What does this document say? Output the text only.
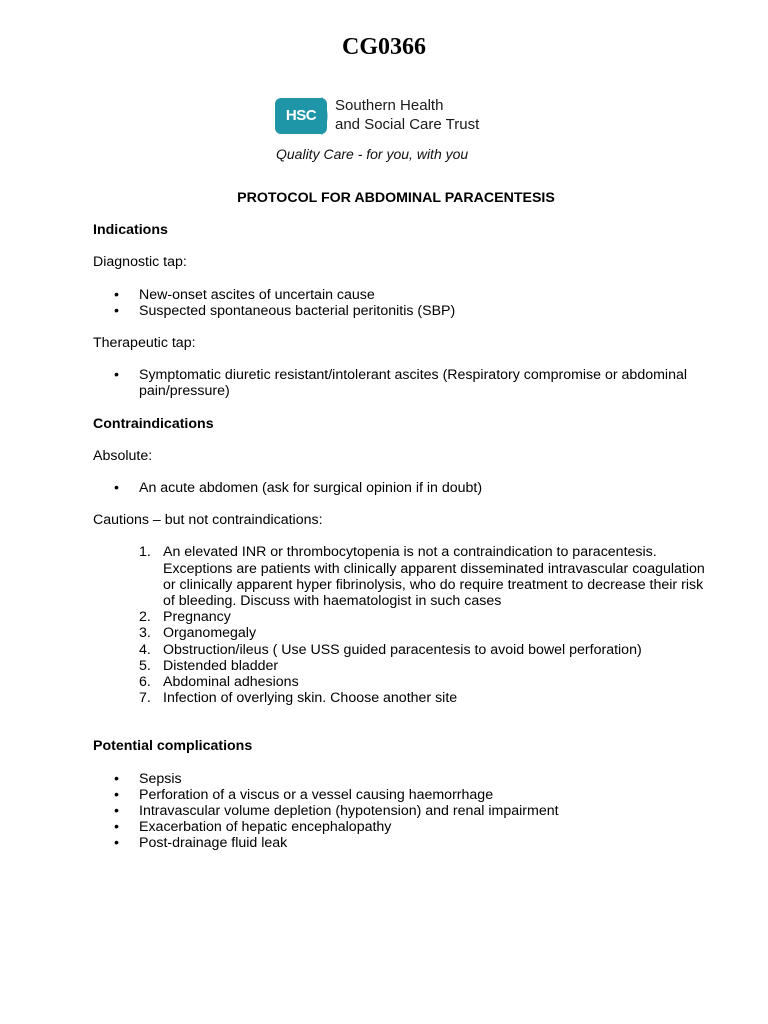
CG0366
HSC
Southern Health
and Social Care Trust
Quality Care - for you, with you
PROTOCOL FOR ABDOMINAL PARACENTESIS
Indications
Diagnostic tap:
• New-onset ascites of uncertain cause
• Suspected spontaneous bacterial peritonitis (SBP)
Therapeutic tap:
• Symptomatic diuretic resistant/intolerant ascites (Respiratory compromise or abdominal pain/pressure)
Contraindications
Absolute:
• An acute abdomen (ask for surgical opinion if in doubt)
Cautions – but not contraindications:
1. An elevated INR or thrombocytopenia is not a contraindication to paracentesis. Exceptions are patients with clinically apparent disseminated intravascular coagulation or clinically apparent hyper fibrinolysis, who do require treatment to decrease their risk of bleeding. Discuss with haematologist in such cases
2. Pregnancy
3. Organomegaly
4. Obstruction/ileus ( Use USS guided paracentesis to avoid bowel perforation)
5. Distended bladder
6. Abdominal adhesions
7. Infection of overlying skin. Choose another site
Potential complications
• Sepsis
• Perforation of a viscus or a vessel causing haemorrhage
• Intravascular volume depletion (hypotension) and renal impairment
• Exacerbation of hepatic encephalopathy
• Post-drainage fluid leak
